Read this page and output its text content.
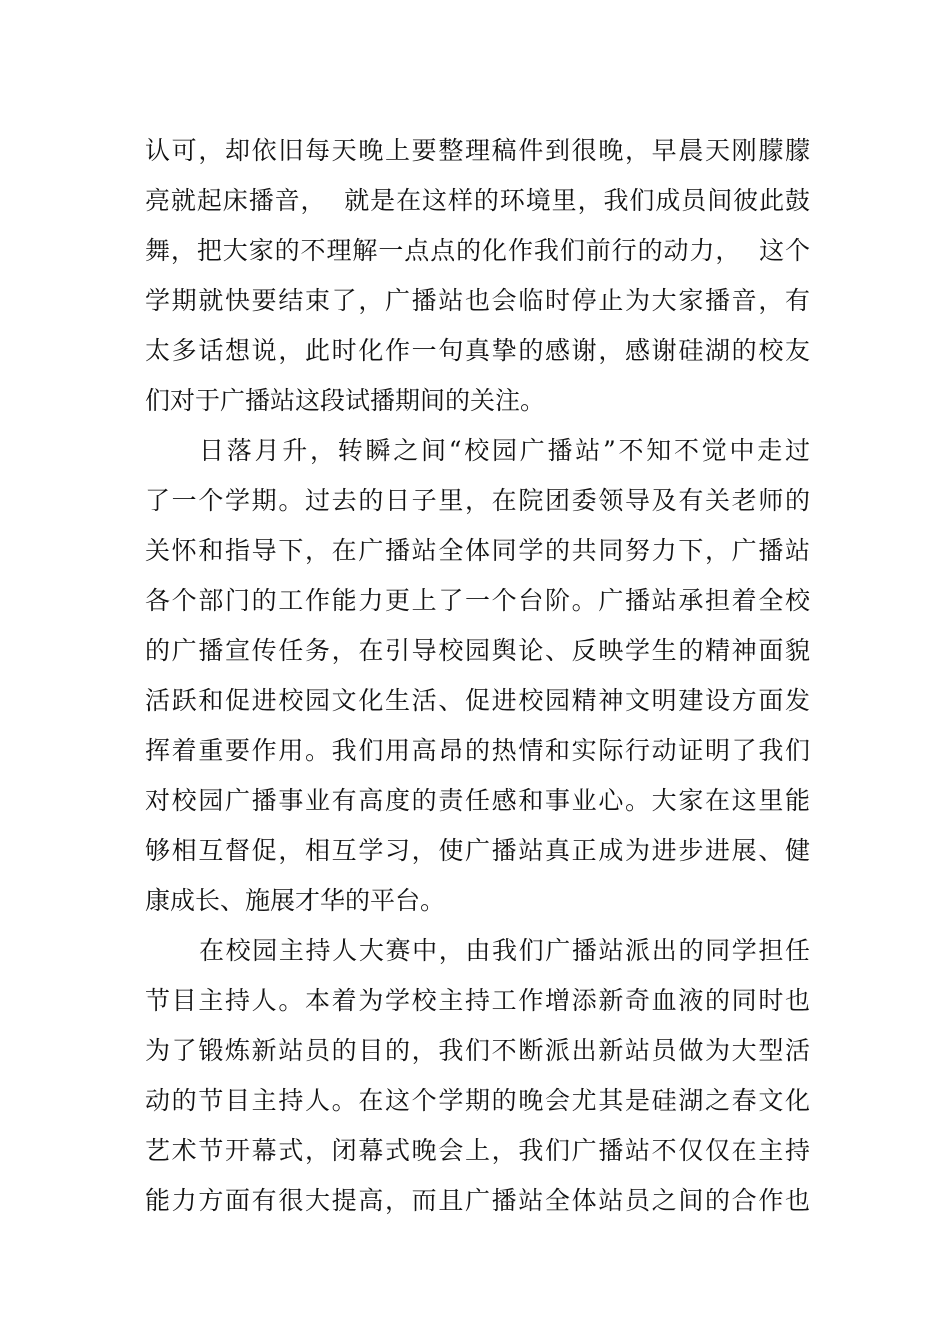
认可，却依旧每天晚上要整理稿件到很晚，早晨天刚朦朦
亮就起床播音，  就是在这样的环境里，我们成员间彼此鼓
舞，把大家的不理解一点点的化作我们前行的动力，  这个
学期就快要结束了，广播站也会临时停止为大家播音，有
太多话想说，此时化作一句真挚的感谢，感谢硅湖的校友
们对于广播站这段试播期间的关注。
日落月升，转瞬之间“校园广播站”不知不觉中走过
了一个学期。过去的日子里，在院团委领导及有关老师的
关怀和指导下，在广播站全体同学的共同努力下，广播站
各个部门的工作能力更上了一个台阶。广播站承担着全校
的广播宣传任务，在引导校园舆论、反映学生的精神面貌
活跃和促进校园文化生活、促进校园精神文明建设方面发
挥着重要作用。我们用高昂的热情和实际行动证明了我们
对校园广播事业有高度的责任感和事业心。大家在这里能
够相互督促，相互学习，使广播站真正成为进步进展、健
康成长、施展才华的平台。
在校园主持人大赛中，由我们广播站派出的同学担任
节目主持人。本着为学校主持工作增添新奇血液的同时也
为了锻炼新站员的目的，我们不断派出新站员做为大型活
动的节目主持人。在这个学期的晚会尤其是硅湖之春文化
艺术节开幕式，闭幕式晚会上，我们广播站不仅仅在主持
能力方面有很大提高，而且广播站全体站员之间的合作也
